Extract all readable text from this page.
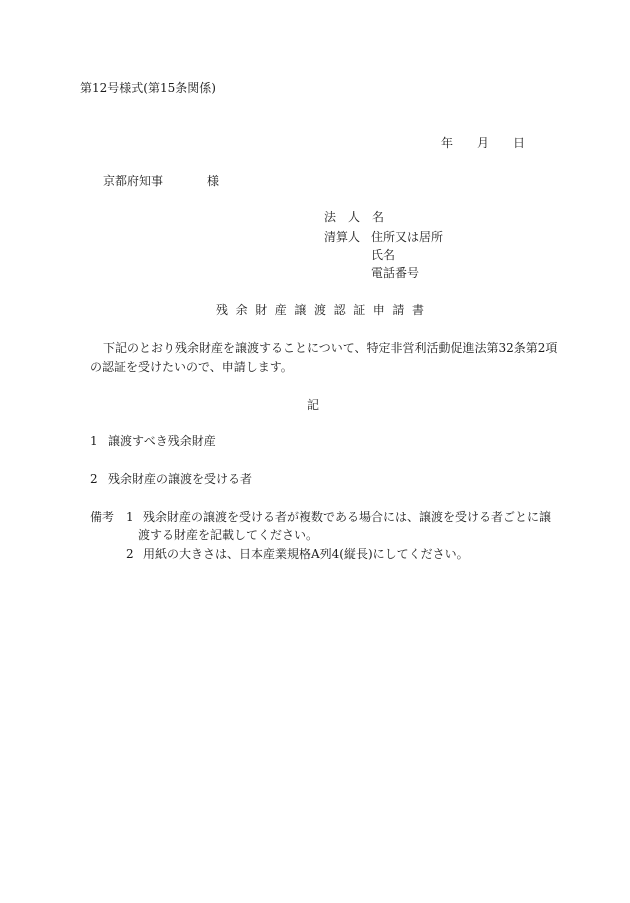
第12号様式(第15条関係)
年 月 日
京都府知事	様
法　人　名
清算人 住所又は居所
氏名
電話番号
残余財産譲渡認証申請書
下記のとおり残余財産を譲渡することについて、特定非営利活動促進法第32条第2項
の認証を受けたいので、申請します。
記
1 譲渡すべき残余財産
2 残余財産の譲渡を受ける者
備考 1 残余財産の譲渡を受ける者が複数である場合には、譲渡を受ける者ごとに譲
渡する財産を記載してください。
2 用紙の大きさは、日本産業規格A列4(縦長)にしてください。
